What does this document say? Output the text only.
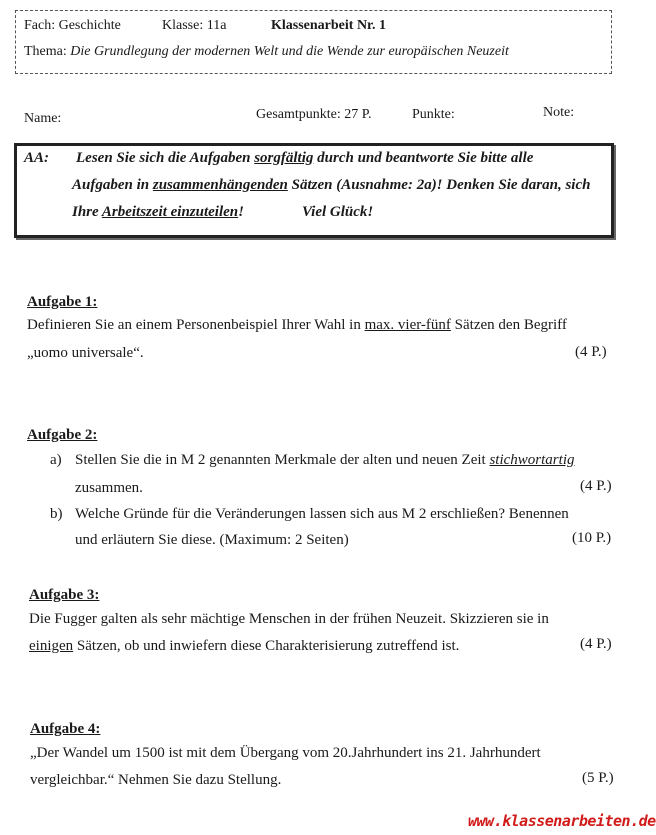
Fach: Geschichte	Klasse: 11a	Klassenarbeit Nr. 1
Thema: Die Grundlegung der modernen Welt und die Wende zur europäischen Neuzeit
Name:	Gesamtpunkte: 27 P.	Punkte:	Note:
AA: Lesen Sie sich die Aufgaben sorgfältig durch und beantworte Sie bitte alle
Aufgaben in zusammenhängenden Sätzen (Ausnahme: 2a)! Denken Sie daran, sich
Ihre Arbeitszeit einzuteilen!	Viel Glück!
Aufgabe 1:
Definieren Sie an einem Personenbeispiel Ihrer Wahl in max. vier-fünf Sätzen den Begriff
„uomo universale“.	(4 P.)
Aufgabe 2:
a) Stellen Sie die in M 2 genannten Merkmale der alten und neuen Zeit stichwortartig
zusammen.	(4 P.)
b) Welche Gründe für die Veränderungen lassen sich aus M 2 erschließen? Benennen
und erläutern Sie diese. (Maximum: 2 Seiten)	(10 P.)
Aufgabe 3:
Die Fugger galten als sehr mächtige Menschen in der frühen Neuzeit. Skizzieren sie in
einigen Sätzen, ob und inwiefern diese Charakterisierung zutreffend ist.	(4 P.)
Aufgabe 4:
„Der Wandel um 1500 ist mit dem Übergang vom 20.Jahrhundert ins 21. Jahrhundert
vergleichbar.“ Nehmen Sie dazu Stellung.	(5 P.)
www.klassenarbeiten.de
